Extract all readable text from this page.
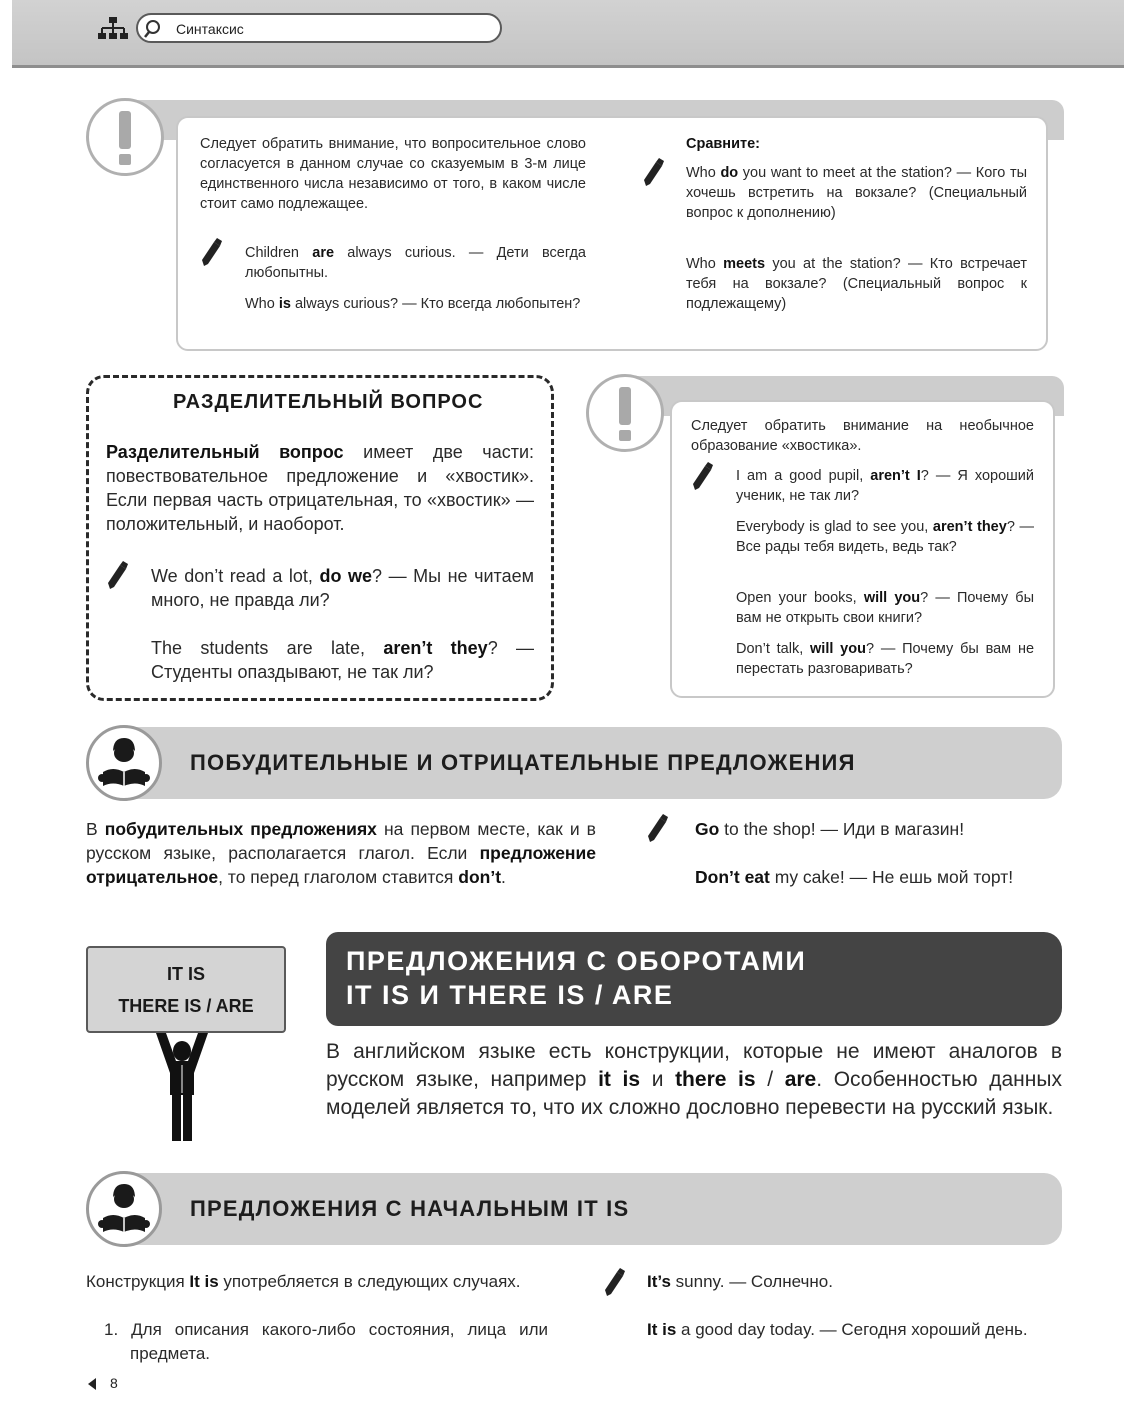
Синтаксис
Следует обратить внимание, что вопросительное слово согласуется в данном случае со сказуемым в 3-м лице единственного числа независимо от того, в каком числе стоит само подлежащее.
Children are always curious. — Дети всегда любопытны.
Who is always curious? — Кто всегда любопытен?
Сравните:
Who do you want to meet at the station? — Кого ты хочешь встретить на вокзале? (Специальный вопрос к дополнению)
Who meets you at the station? — Кто встречает тебя на вокзале? (Специальный вопрос к подлежащему)
РАЗДЕЛИТЕЛЬНЫЙ ВОПРОС
Разделительный вопрос имеет две части: повествовательное предложение и «хвостик». Если первая часть отрицательная, то «хвостик» — положительный, и наоборот.
We don’t read a lot, do we? — Мы не читаем много, не правда ли?
The students are late, aren’t they? — Студенты опаздывают, не так ли?
Следует обратить внимание на необычное образование «хвостика».
I am a good pupil, aren’t I? — Я хороший ученик, не так ли?
Everybody is glad to see you, aren’t they? — Все рады тебя видеть, ведь так?
Open your books, will you? — Почему бы вам не открыть свои книги?
Don’t talk, will you? — Почему бы вам не перестать разговаривать?
ПОБУДИТЕЛЬНЫЕ И ОТРИЦАТЕЛЬНЫЕ ПРЕДЛОЖЕНИЯ
В побудительных предложениях на первом месте, как и в русском языке, располагается глагол. Если предложение отрицательное, то перед глаголом ставится don’t.
Go to the shop! — Иди в магазин!
Don’t eat my cake! — Не ешь мой торт!
IT IS
THERE IS / ARE
ПРЕДЛОЖЕНИЯ С ОБОРОТАМИ
IT IS И THERE IS / ARE
В английском языке есть конструкции, которые не имеют аналогов в русском языке, например it is и there is / are. Особенностью данных моделей является то, что их сложно дословно перевести на русский язык.
ПРЕДЛОЖЕНИЯ С НАЧАЛЬНЫМ IT IS
Конструкция It is употребляется в следующих случаях.
1. Для описания какого-либо состояния, лица или предмета.
It’s sunny. — Солнечно.
It is a good day today. — Сегодня хороший день.
8
